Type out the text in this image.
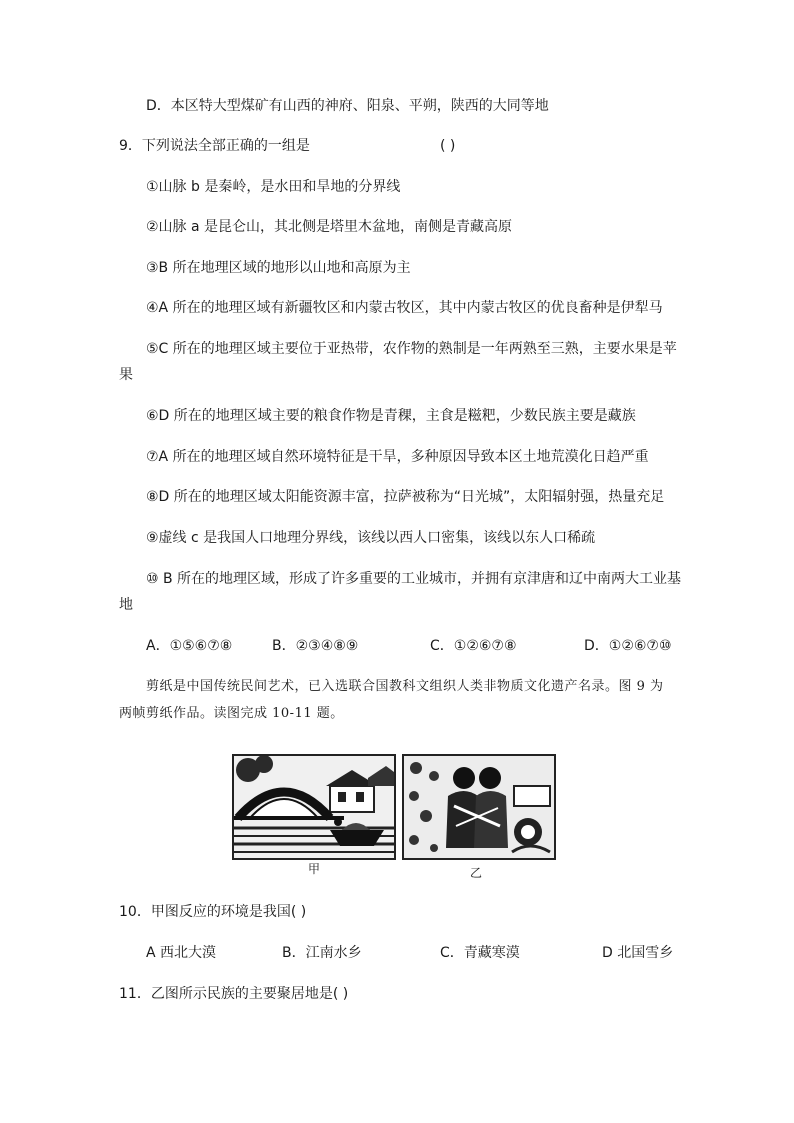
D．本区特大型煤矿有山西的神府、阳泉、平朔，陕西的大同等地
9．下列说法全部正确的一组是	( )
①山脉 b 是秦岭，是水田和旱地的分界线
②山脉 a 是昆仑山，其北侧是塔里木盆地，南侧是青藏高原
③B 所在地理区域的地形以山地和高原为主
④A 所在的地理区域有新疆牧区和内蒙古牧区，其中内蒙古牧区的优良畜种是伊犁马
⑤C 所在的地理区域主要位于亚热带，农作物的熟制是一年两熟至三熟，主要水果是苹
果
⑥D 所在的地理区域主要的粮食作物是青稞，主食是糍粑，少数民族主要是藏族
⑦A 所在的地理区域自然环境特征是干旱，多种原因导致本区土地荒漠化日趋严重
⑧D 所在的地理区域太阳能资源丰富，拉萨被称为“日光城”，太阳辐射强，热量充足
⑨虚线 c 是我国人口地理分界线，该线以西人口密集，该线以东人口稀疏
⑩ B 所在的地理区域，形成了许多重要的工业城市，并拥有京津唐和辽中南两大工业基
地
A．①⑤⑥⑦⑧	B．②③④⑧⑨	C．①②⑥⑦⑧	D．①②⑥⑦⑩
剪纸是中国传统民间艺术，已入选联合国教科文组织人类非物质文化遗产名录。图 9 为
两帧剪纸作品。读图完成 10-11 题。
甲	乙
10．甲图反应的环境是我国( )
A 西北大漠	B．江南水乡	C．青藏寒漠	D 北国雪乡
11．乙图所示民族的主要聚居地是( )
